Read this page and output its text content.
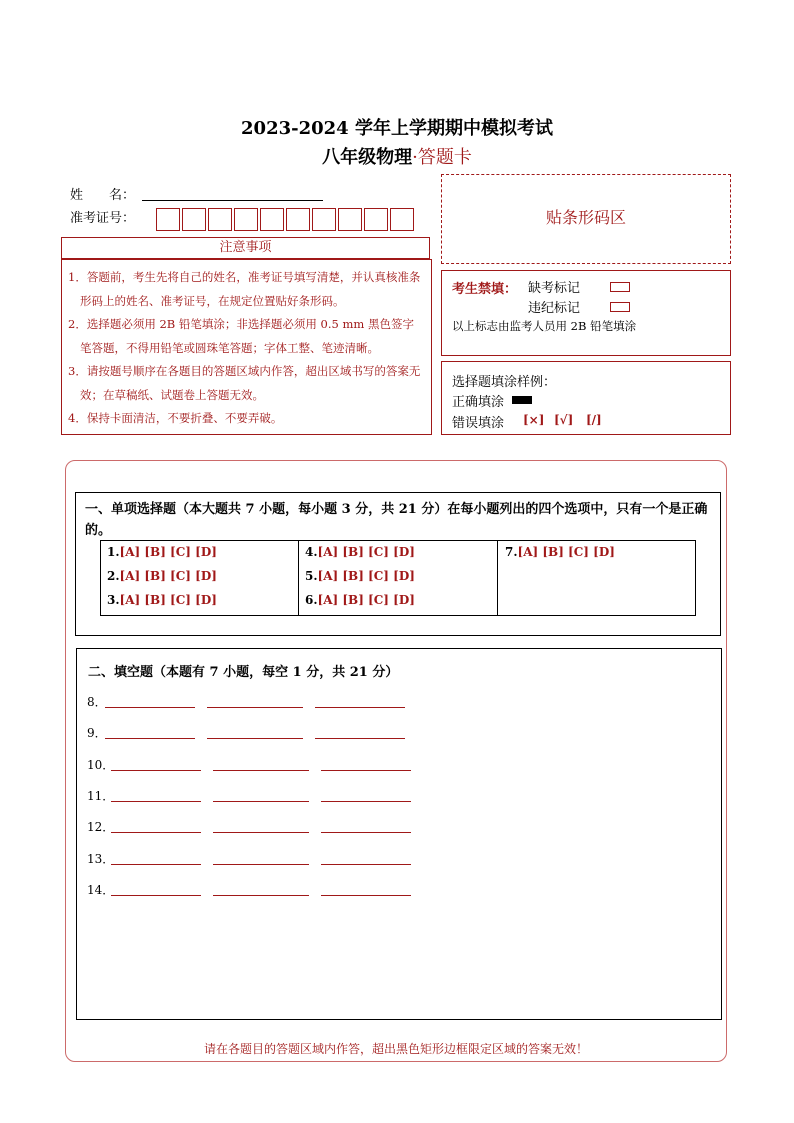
2023-2024 学年上学期期中模拟考试
八年级物理·答题卡
姓　　名：
准考证号：
注意事项
1．答题前，考生先将自己的姓名，准考证号填写清楚，并认真核准条形码上的姓名、准考证号，在规定位置贴好条形码。
2．选择题必须用 2B 铅笔填涂；非选择题必须用 0.5 mm 黑色签字笔答题，不得用铅笔或圆珠笔答题；字体工整、笔迹清晰。
3．请按题号顺序在各题目的答题区域内作答，超出区域书写的答案无效；在草稿纸、试题卷上答题无效。
4．保持卡面清洁，不要折叠、不要弄破。
贴条形码区
考生禁填： 缺考标记
违纪标记
以上标志由监考人员用 2B 铅笔填涂
选择题填涂样例：
正确填涂
错误填涂 [×] [√] [/]
一、单项选择题（本大题共 7 小题，每小题 3 分，共 21 分）在每小题列出的四个选项中，只有一个是正确的。
1.[A] [B] [C] [D]
2.[A] [B] [C] [D]
3.[A] [B] [C] [D]
4.[A] [B] [C] [D]
5.[A] [B] [C] [D]
6.[A] [B] [C] [D]
7.[A] [B] [C] [D]
二、填空题（本题有 7 小题，每空 1 分，共 21 分）
8．
9．
10．
11．
12．
13．
14．
请在各题目的答题区域内作答，超出黑色矩形边框限定区域的答案无效！
